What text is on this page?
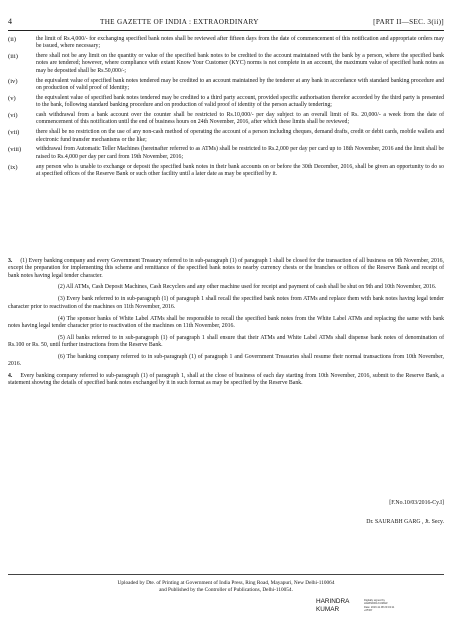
4	THE GAZETTE OF INDIA : EXTRAORDINARY	[PART II—SEC. 3(ii)]
(ii)	the limit of Rs.4,000/- for exchanging specified bank notes shall be reviewed after fifteen days from the date of commencement of this notification and appropriate orders may be issued, where necessary;
(iii)	there shall not be any limit on the quantity or value of the specified bank notes to be credited to the account maintained with the bank by a person, where the specified bank notes are tendered; however, where compliance with extant Know Your Customer (KYC) norms is not complete in an account, the maximum value of specified bank notes as may be deposited shall be Rs.50,000/-;
(iv)	the equivalent value of specified bank notes tendered may be credited to an account maintained by the tenderer at any bank in accordance with standard banking procedure and on production of valid proof of Identity;
(v)	the equivalent value of specified bank notes tendered may be credited to a third party account, provided specific authorisation therefor accorded by the third party is presented to the bank, following standard banking procedure and on production of valid proof of identity of the person actually tendering;
(vi)	cash withdrawal from a bank account over the counter shall be restricted to Rs.10,000/- per day subject to an overall limit of Rs. 20,000/- a week from the date of commencement of this notification until the end of business hours on 24th November, 2016, after which these limits shall be reviewed;
(vii)	there shall be no restriction on the use of any non-cash method of operating the account of a person including cheques, demand drafts, credit or debit cards, mobile wallets and electronic fund transfer mechanisms or the like;
(viii)	withdrawal from Automatic Teller Machines (hereinafter referred to as ATMs) shall be restricted to Rs.2,000 per day per card up to 18th November, 2016 and the limit shall be raised to Rs.4,000 per day per card from 19th November, 2016;
(ix)	any person who is unable to exchange or deposit the specified bank notes in their bank accounts on or before the 30th December, 2016, shall be given an opportunity to do so at specified offices of the Reserve Bank or such other facility until a later date as may be specified by it.

3. (1) Every banking company and every Government Treasury referred to in sub-paragraph (1) of paragraph 1 shall be closed for the transaction of all business on 9th November, 2016, except the preparation for implementing this scheme and remittance of the specified bank notes to nearby currency chests or the branches or offices of the Reserve Bank and receipt of bank notes having legal tender character.

(2) All ATMs, Cash Deposit Machines, Cash Recyclers and any other machine used for receipt and payment of cash shall be shut on 9th and 10th November, 2016.

(3) Every bank referred to in sub-paragraph (1) of paragraph 1 shall recall the specified bank notes from ATMs and replace them with bank notes having legal tender character prior to reactivation of the machines on 11th November, 2016.

(4) The sponsor banks of White Label ATMs shall be responsible to recall the specified bank notes from the White Label ATMs and replacing the same with bank notes having legal tender character prior to reactivation of the machines on 11th November, 2016.

(5) All banks referred to in sub-paragraph (1) of paragraph 1 shall ensure that their ATMs and White Label ATMs shall dispense bank notes of denomination of Rs.100 or Rs. 50, until further instructions from the Reserve Bank.

(6) The banking company referred to in sub-paragraph (1) of paragraph 1 and Government Treasuries shall resume their normal transactions from 10th November, 2016.

4. Every banking company referred to sub-paragraph (1) of paragraph 1, shall at the close of business of each day starting from 10th November, 2016, submit to the Reserve Bank, a statement showing the details of specified bank notes exchanged by it in such format as may be specified by the Reserve Bank.

[F.No.10/03/2016-Cy.I]
Dr. SAURABH GARG , Jt. Secy.
Uploaded by Dte. of Printing at Government of India Press, Ring Road, Mayapuri, New Delhi-110064
and Published by the Controller of Publications, Delhi-110054.
HARINDRA
KUMAR
Digitally signed by
HARINDRA KUMAR
Date: 2016.11.08 23:43:11
+05'30'
